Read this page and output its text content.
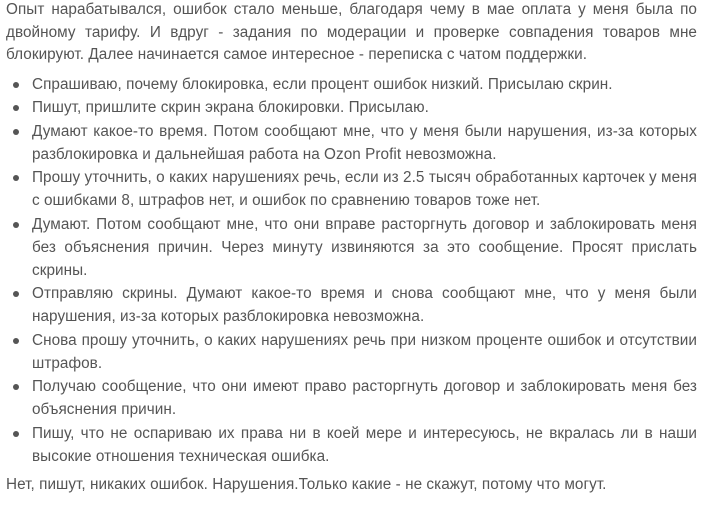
Опыт нарабатывался, ошибок стало меньше, благодаря чему в мае оплата у меня была по двойному тарифу. И вдруг - задания по модерации и проверке совпадения товаров мне блокируют. Далее начинается самое интересное - переписка с чатом поддержки.

Спрашиваю, почему блокировка, если процент ошибок низкий. Присылаю скрин.
Пишут, пришлите скрин экрана блокировки. Присылаю.
Думают какое-то время. Потом сообщают мне, что у меня были нарушения, из-за которых разблокировка и дальнейшая работа на Ozon Profit невозможна.
Прошу уточнить, о каких нарушениях речь, если из 2.5 тысяч обработанных карточек у меня с ошибками 8, штрафов нет, и ошибок по сравнению товаров тоже нет.
Думают. Потом сообщают мне, что они вправе расторгнуть договор и заблокировать меня без объяснения причин. Через минуту извиняются за это сообщение. Просят прислать скрины.
Отправляю скрины. Думают какое-то время и снова сообщают мне, что у меня были нарушения, из-за которых разблокировка невозможна.
Снова прошу уточнить, о каких нарушениях речь при низком проценте ошибок и отсутствии штрафов.
Получаю сообщение, что они имеют право расторгнуть договор и заблокировать меня без объяснения причин.
Пишу, что не оспариваю их права ни в коей мере и интересуюсь, не вкралась ли в наши высокие отношения техническая ошибка.

Нет, пишут, никаких ошибок. Нарушения.Только какие - не скажут, потому что могут.
